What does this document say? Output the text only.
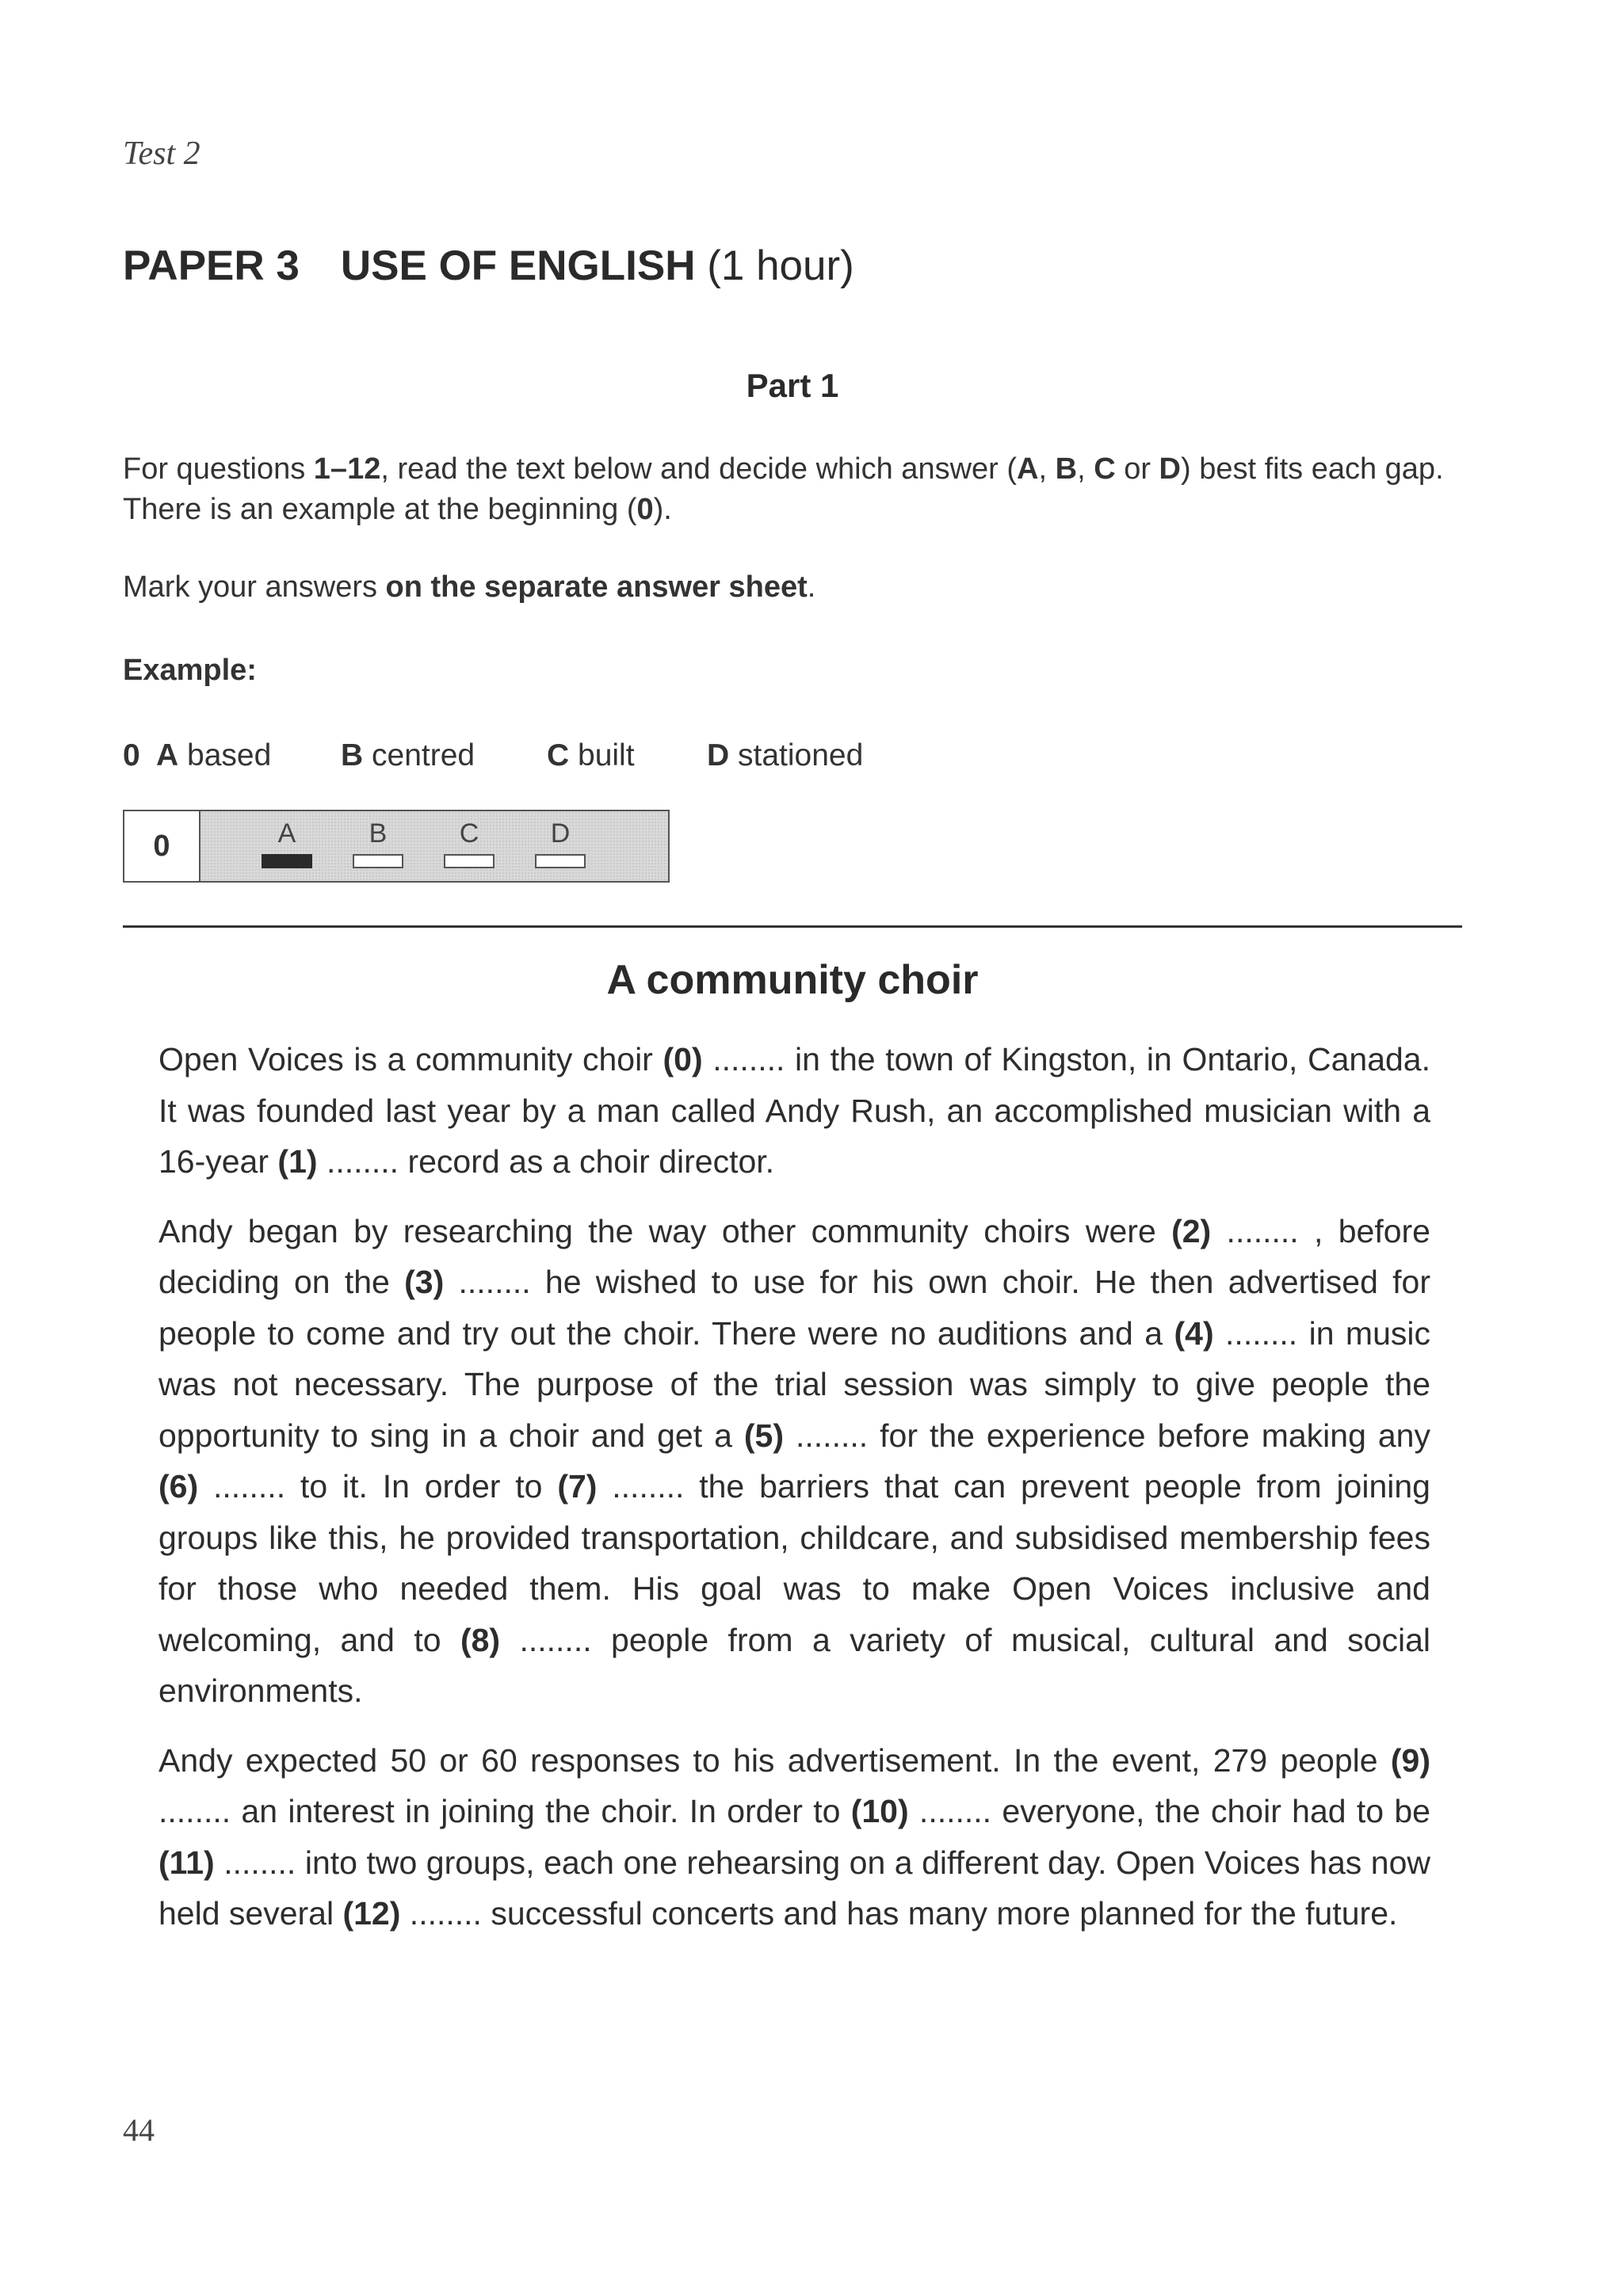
Test 2
PAPER 3 USE OF ENGLISH (1 hour)
Part 1
For questions 1–12, read the text below and decide which answer (A, B, C or D) best fits each gap.
There is an example at the beginning (0).
Mark your answers on the separate answer sheet.
Example:
0 A based B centred C built D stationed
0	A	B	C	D
A community choir

Open Voices is a community choir (0) ........ in the town of Kingston, in Ontario, Canada. It was founded last year by a man called Andy Rush, an accomplished musician with a 16-year (1) ........ record as a choir director.

Andy began by researching the way other community choirs were (2) ........ , before deciding on the (3) ........ he wished to use for his own choir. He then advertised for people to come and try out the choir. There were no auditions and a (4) ........ in music was not necessary. The purpose of the trial session was simply to give people the opportunity to sing in a choir and get a (5) ........ for the experience before making any (6) ........ to it. In order to (7) ........ the barriers that can prevent people from joining groups like this, he provided transportation, childcare, and subsidised membership fees for those who needed them. His goal was to make Open Voices inclusive and welcoming, and to (8) ........ people from a variety of musical, cultural and social environments.

Andy expected 50 or 60 responses to his advertisement. In the event, 279 people (9) ........ an interest in joining the choir. In order to (10) ........ everyone, the choir had to be (11) ........ into two groups, each one rehearsing on a different day. Open Voices has now held several (12) ........ successful concerts and has many more planned for the future.

44
